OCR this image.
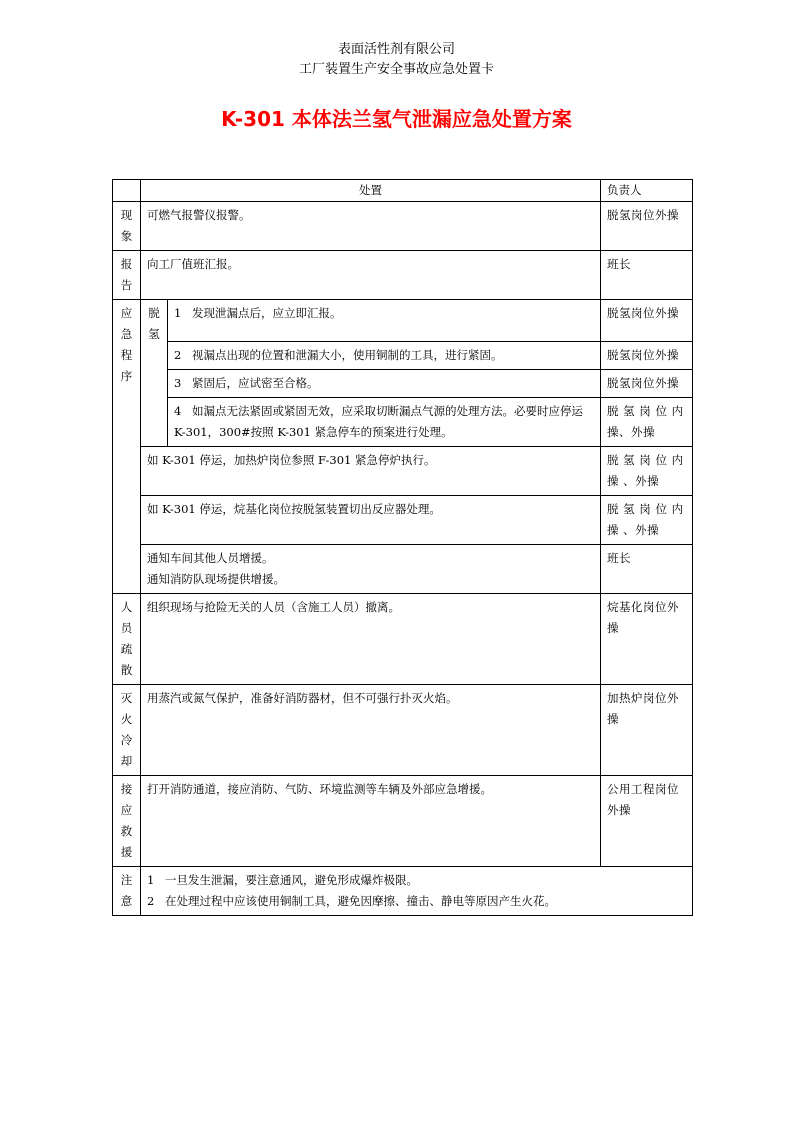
表面活性剂有限公司
工厂装置生产安全事故应急处置卡
K-301 本体法兰氢气泄漏应急处置方案
	处置		负责人

现象	可燃气报警仪报警。		脱氢岗位外操

报告	向工厂值班汇报。		班长

应急程序	脱氢	1 发现泄漏点后，应立即汇报。	脱氢岗位外操
		2 视漏点出现的位置和泄漏大小，使用铜制的工具，进行紧固。	脱氢岗位外操
		3 紧固后，应试密至合格。	脱氢岗位外操
		4 如漏点无法紧固或紧固无效，应采取切断漏点气源的处理方法。必要时应停运 K-301，300#按照 K-301 紧急停车的预案进行处理。	脱 氢 岗 位 内 操、外操
	如 K-301 停运，加热炉岗位参照 F-301 紧急停炉执行。		脱 氢 岗 位 内 操 、外操
	如 K-301 停运，烷基化岗位按脱氢装置切出反应器处理。		脱 氢 岗 位 内 操 、外操

	通知车间其他人员增援。
通知消防队现场提供增援。		班长

人员疏散	组织现场与抢险无关的人员（含施工人员）撤离。		烷基化岗位外操

灭火冷却	用蒸汽或氮气保护，准备好消防器材，但不可强行扑灭火焰。		加热炉岗位外操

接应救援	打开消防通道，接应消防、气防、环境监测等车辆及外部应急增援。		公用工程岗位外操

注意	1 一旦发生泄漏，要注意通风，避免形成爆炸极限。
2 在处理过程中应该使用铜制工具，避免因摩擦、撞击、静电等原因产生火花。		
